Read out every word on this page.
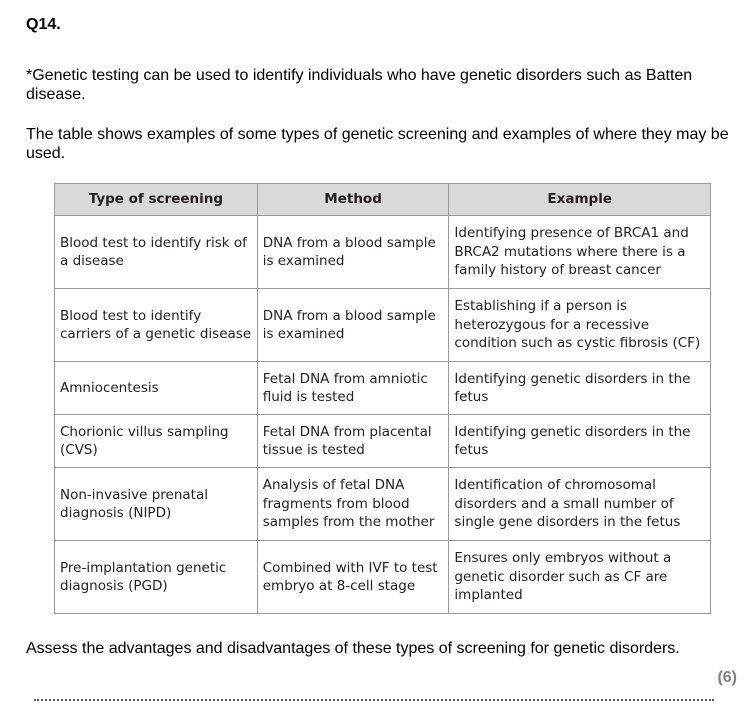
Q14.
*Genetic testing can be used to identify individuals who have genetic disorders such as Batten disease.
The table shows examples of some types of genetic screening and examples of where they may be used.
Type of screening	Method	Example
Blood test to identify risk of a disease	DNA from a blood sample is examined	Identifying presence of BRCA1 and BRCA2 mutations where there is a family history of breast cancer
Blood test to identify carriers of a genetic disease	DNA from a blood sample is examined	Establishing if a person is heterozygous for a recessive condition such as cystic fibrosis (CF)
Amniocentesis	Fetal DNA from amniotic fluid is tested	Identifying genetic disorders in the fetus
Chorionic villus sampling (CVS)	Fetal DNA from placental tissue is tested	Identifying genetic disorders in the fetus
Non-invasive prenatal diagnosis (NIPD)	Analysis of fetal DNA fragments from blood samples from the mother	Identification of chromosomal disorders and a small number of single gene disorders in the fetus
Pre-implantation genetic diagnosis (PGD)	Combined with IVF to test embryo at 8-cell stage	Ensures only embryos without a genetic disorder such as CF are implanted
Assess the advantages and disadvantages of these types of screening for genetic disorders.
(6)
